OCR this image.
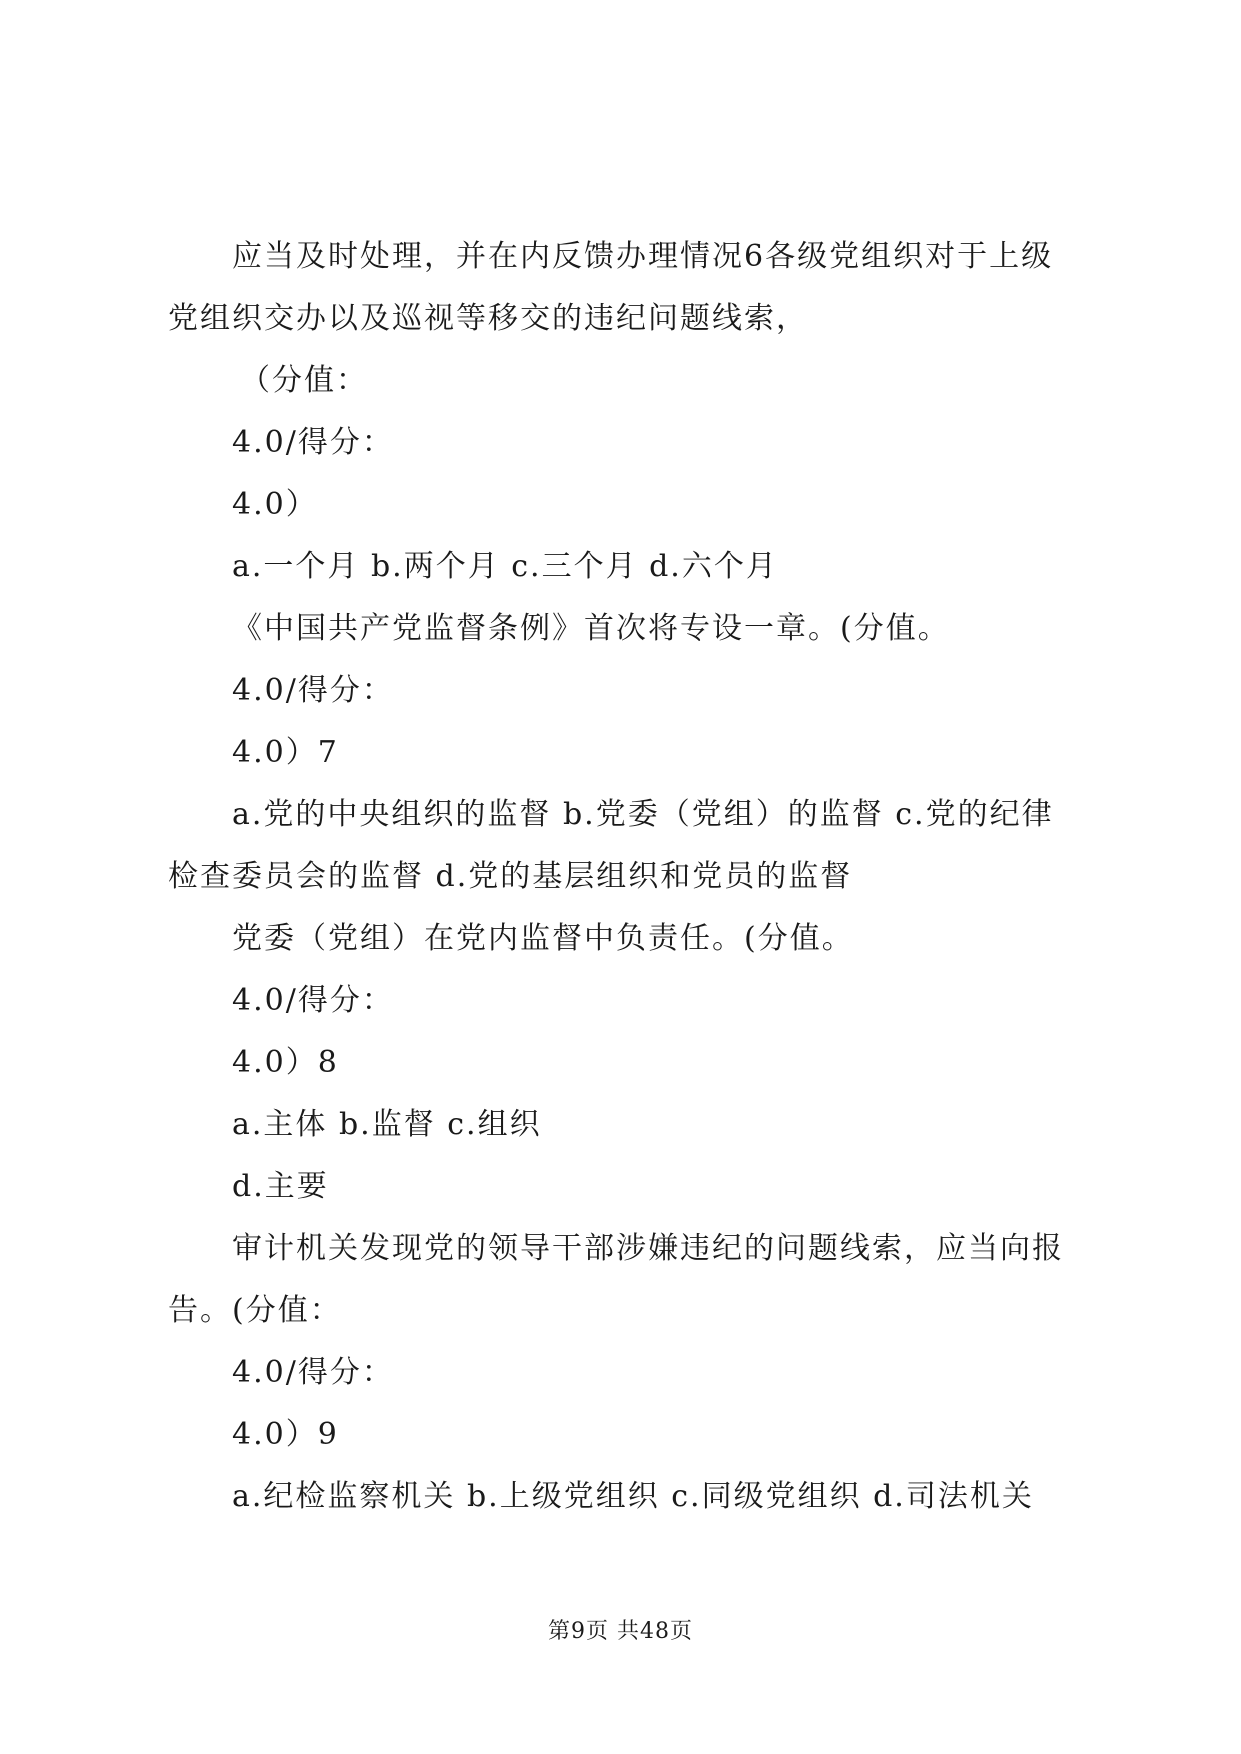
应当及时处理，并在内反馈办理情况6各级党组织对于上级
党组织交办以及巡视等移交的违纪问题线索，
（分值：
4.0/得分：
4.0）
a.一个月 b.两个月 c.三个月 d.六个月
《中国共产党监督条例》首次将专设一章。(分值。
4.0/得分：
4.0）7
a.党的中央组织的监督 b.党委（党组）的监督 c.党的纪律
检查委员会的监督 d.党的基层组织和党员的监督
党委（党组）在党内监督中负责任。(分值。
4.0/得分：
4.0）8
a.主体 b.监督 c.组织
d.主要
审计机关发现党的领导干部涉嫌违纪的问题线索，应当向报
告。(分值：
4.0/得分：
4.0）9
a.纪检监察机关 b.上级党组织 c.同级党组织 d.司法机关
第9页 共48页
